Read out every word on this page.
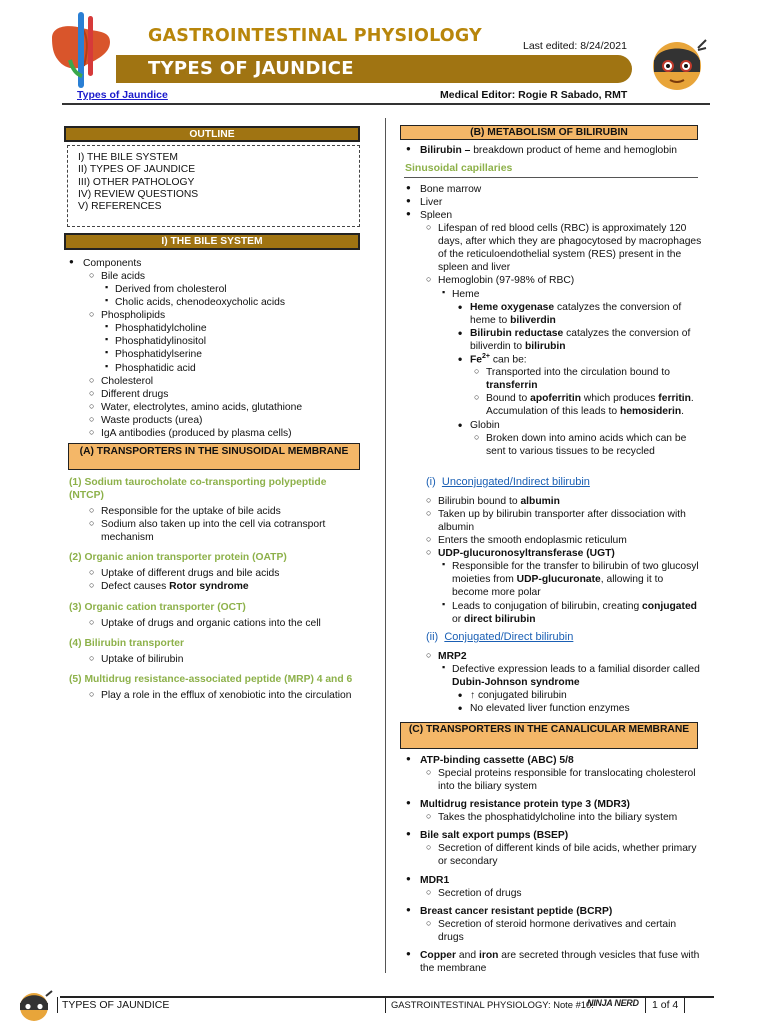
GASTROINTESTINAL PHYSIOLOGY
TYPES OF JAUNDICE
Last edited: 8/24/2021
Types of Jaundice	Medical Editor: Rogie R Sabado, RMT
OUTLINE
I) THE BILE SYSTEM
II) TYPES OF JAUNDICE
III) OTHER PATHOLOGY
IV) REVIEW QUESTIONS
V) REFERENCES
I) THE BILE SYSTEM
● Components
○ Bile acids
▪ Derived from cholesterol
▪ Cholic acids, chenodeoxycholic acids
○ Phospholipids
▪ Phosphatidylcholine
▪ Phosphatidylinositol
▪ Phosphatidylserine
▪ Phosphatidic acid
○ Cholesterol
○ Different drugs
○ Water, electrolytes, amino acids, glutathione
○ Waste products (urea)
○ IgA antibodies (produced by plasma cells)
(A) TRANSPORTERS IN THE SINUSOIDAL MEMBRANE
(1) Sodium taurocholate co-transporting polypeptide (NTCP)
○ Responsible for the uptake of bile acids
○ Sodium also taken up into the cell via cotransport mechanism
(2) Organic anion transporter protein (OATP)
○ Uptake of different drugs and bile acids
○ Defect causes Rotor syndrome
(3) Organic cation transporter (OCT)
○ Uptake of drugs and organic cations into the cell
(4) Bilirubin transporter
○ Uptake of bilirubin
(5) Multidrug resistance-associated peptide (MRP) 4 and 6
○ Play a role in the efflux of xenobiotic into the circulation
(B) METABOLISM OF BILIRUBIN
● Bilirubin – breakdown product of heme and hemoglobin
Sinusoidal capillaries
● Bone marrow
● Liver
● Spleen
○ Lifespan of red blood cells (RBC) is approximately 120 days, after which they are phagocytosed by macrophages of the reticuloendothelial system (RES) present in the spleen and liver
○ Hemoglobin (97-98% of RBC)
▪ Heme
• Heme oxygenase catalyzes the conversion of heme to biliverdin
• Bilirubin reductase catalyzes the conversion of biliverdin to bilirubin
• $Fe^{2+}$ can be:
○ Transported into the circulation bound to transferrin
○ Bound to apoferritin which produces ferritin. Accumulation of this leads to hemosiderin.
• Globin
○ Broken down into amino acids which can be sent to various tissues to be recycled
(i) Unconjugated/Indirect bilirubin
○ Bilirubin bound to albumin
○ Taken up by bilirubin transporter after dissociation with albumin
○ Enters the smooth endoplasmic reticulum
○ UDP-glucuronosyltransferase (UGT)
▪ Responsible for the transfer to bilirubin of two glucosyl moieties from UDP-glucuronate, allowing it to become more polar
▪ Leads to conjugation of bilirubin, creating conjugated or direct bilirubin
(ii) Conjugated/Direct bilirubin
○ MRP2
▪ Defective expression leads to a familial disorder called Dubin-Johnson syndrome
• ↑ conjugated bilirubin
• No elevated liver function enzymes
(C) TRANSPORTERS IN THE CANALICULAR MEMBRANE
● ATP-binding cassette (ABC) 5/8
○ Special proteins responsible for translocating cholesterol into the biliary system
● Multidrug resistance protein type 3 (MDR3)
○ Takes the phosphatidylcholine into the biliary system
● Bile salt export pumps (BSEP)
○ Secretion of different kinds of bile acids, whether primary or secondary
● MDR1
○ Secretion of drugs
● Breast cancer resistant peptide (BCRP)
○ Secretion of steroid hormone derivatives and certain drugs
● Copper and iron are secreted through vesicles that fuse with the membrane
TYPES OF JAUNDICE	GASTROINTESTINAL PHYSIOLOGY: Note #10.
NINJA NERD 1 of 4
